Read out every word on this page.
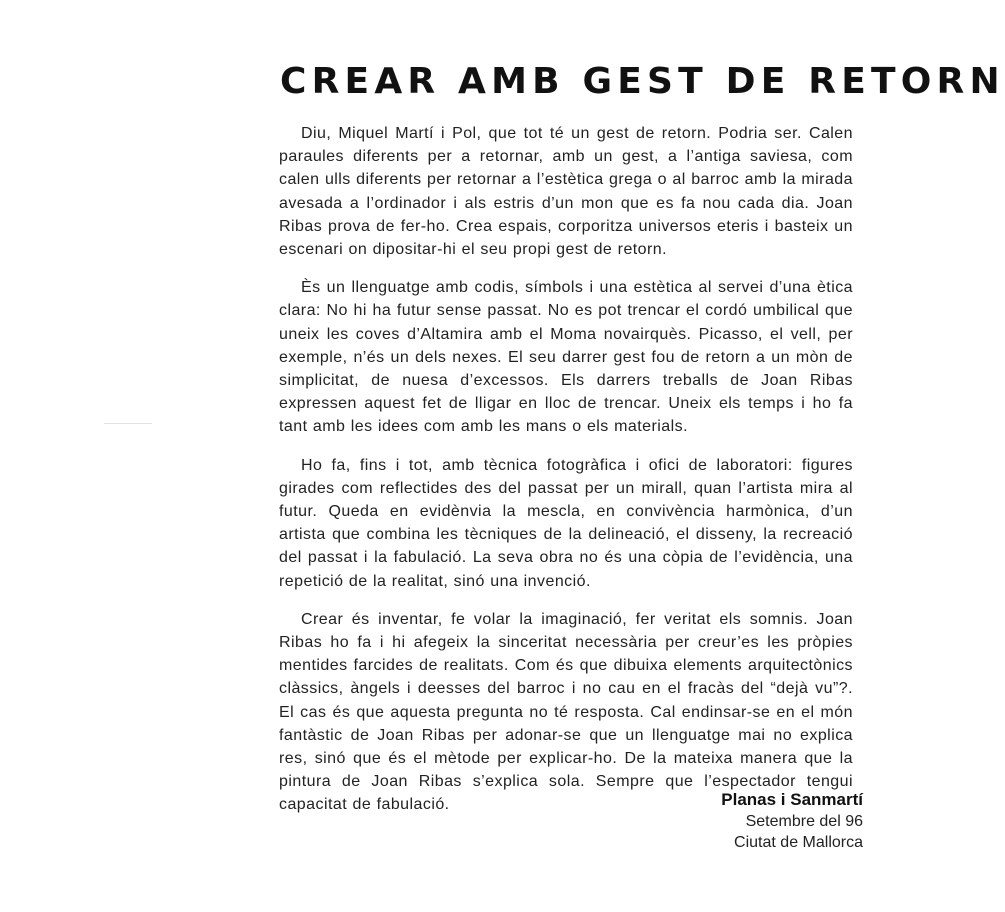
CREAR AMB GEST DE RETORN

Diu, Miquel Martí i Pol, que tot té un gest de retorn. Podria ser. Calen paraules diferents per a retornar, amb un gest, a l’antiga saviesa, com calen ulls diferents per retornar a l’estètica grega o al barroc amb la mirada avesada a l’ordinador i als estris d’un mon que es fa nou cada dia. Joan Ribas prova de fer-ho. Crea espais, corporitza universos eteris i basteix un escenari on dipositar-hi el seu propi gest de retorn.

Ès un llenguatge amb codis, símbols i una estètica al servei d’una ètica clara: No hi ha futur sense passat. No es pot trencar el cordó umbilical que uneix les coves d’Altamira amb el Moma novairquès. Picasso, el vell, per exemple, n’és un dels nexes. El seu darrer gest fou de retorn a un mòn de simplicitat, de nuesa d’excessos. Els darrers treballs de Joan Ribas expressen aquest fet de lligar en lloc de trencar. Uneix els temps i ho fa tant amb les idees com amb les mans o els materials.

Ho fa, fins i tot, amb tècnica fotogràfica i ofici de laboratori: figures girades com reflectides des del passat per un mirall, quan l’artista mira al futur. Queda en evidènvia la mescla, en convivència harmònica, d’un artista que combina les tècniques de la delineació, el disseny, la recreació del passat i la fabulació. La seva obra no és una còpia de l’evidència, una repetició de la realitat, sinó una invenció.

Crear és inventar, fe volar la imaginació, fer veritat els somnis. Joan Ribas ho fa i hi afegeix la sinceritat necessària per creur’es les pròpies mentides farcides de realitats. Com és que dibuixa elements arquitectònics clàssics, àngels i deesses del barroc i no cau en el fracàs del “dejà vu”?. El cas és que aquesta pregunta no té resposta. Cal endinsar-se en el món fantàstic de Joan Ribas per adonar-se que un llenguatge mai no explica res, sinó que és el mètode per explicar-ho. De la mateixa manera que la pintura de Joan Ribas s’explica sola. Sempre que l’espectador tengui capacitat de fabulació.	Planas i Sanmartí
Setembre del 96
Ciutat de Mallorca
